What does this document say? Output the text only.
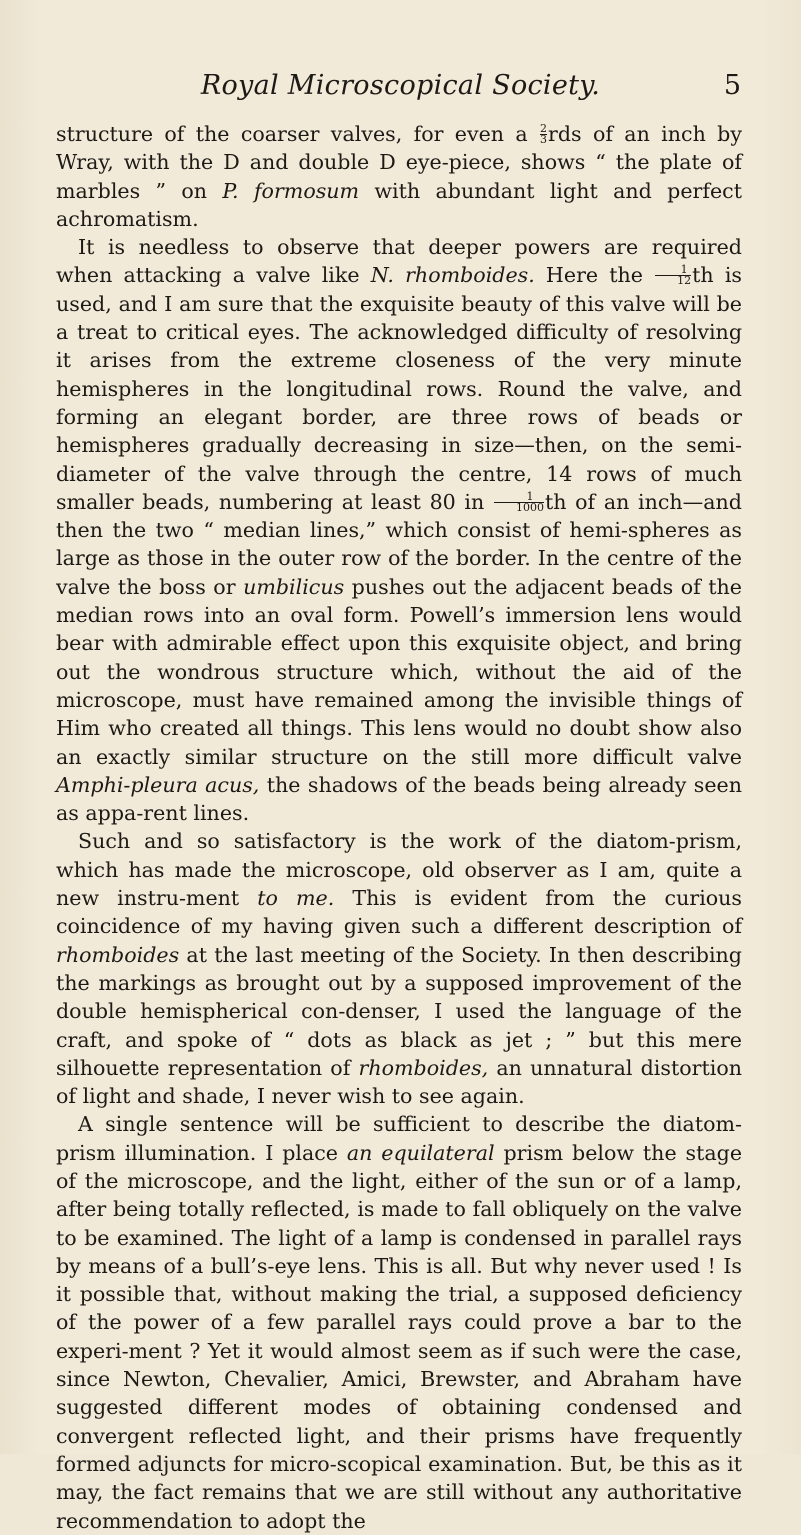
Royal Microscopical Society.	5

structure of the coarser valves, for even a $\frac{2}{3}$ rds of an inch by Wray, with the D and double D eye-piece, shows “ the plate of marbles ” on P. formosum with abundant light and perfect achromatism.

It is needless to observe that deeper powers are required when attacking a valve like N. rhomboides. Here the $\frac{1}{12}$ th is used, and I am sure that the exquisite beauty of this valve will be a treat to critical eyes. The acknowledged difficulty of resolving it arises from the extreme closeness of the very minute hemispheres in the longitudinal rows. Round the valve, and forming an elegant border, are three rows of beads or hemispheres gradually decreasing in size—then, on the semi-diameter of the valve through the centre, 14 rows of much smaller beads, numbering at least 80 in $\frac{1}{1000}$ th of an inch—and then the two “ median lines,” which consist of hemi-spheres as large as those in the outer row of the border. In the centre of the valve the boss or umbilicus pushes out the adjacent beads of the median rows into an oval form. Powell’s immersion lens would bear with admirable effect upon this exquisite object, and bring out the wondrous structure which, without the aid of the microscope, must have remained among the invisible things of Him who created all things. This lens would no doubt show also an exactly similar structure on the still more difficult valve Amphi-pleura acus, the shadows of the beads being already seen as appa-rent lines.

Such and so satisfactory is the work of the diatom-prism, which has made the microscope, old observer as I am, quite a new instru-ment to me. This is evident from the curious coincidence of my having given such a different description of rhomboides at the last meeting of the Society. In then describing the markings as brought out by a supposed improvement of the double hemispherical con-denser, I used the language of the craft, and spoke of “ dots as black as jet ; ” but this mere silhouette representation of rhomboides, an unnatural distortion of light and shade, I never wish to see again.

A single sentence will be sufficient to describe the diatom-prism illumination. I place an equilateral prism below the stage of the microscope, and the light, either of the sun or of a lamp, after being totally reflected, is made to fall obliquely on the valve to be examined. The light of a lamp is condensed in parallel rays by means of a bull’s-eye lens. This is all. But why never used ! Is it possible that, without making the trial, a supposed deficiency of the power of a few parallel rays could prove a bar to the experi-ment ? Yet it would almost seem as if such were the case, since Newton, Chevalier, Amici, Brewster, and Abraham have suggested different modes of obtaining condensed and convergent reflected light, and their prisms have frequently formed adjuncts for micro-scopical examination. But, be this as it may, the fact remains that we are still without any authoritative recommendation to adopt the
